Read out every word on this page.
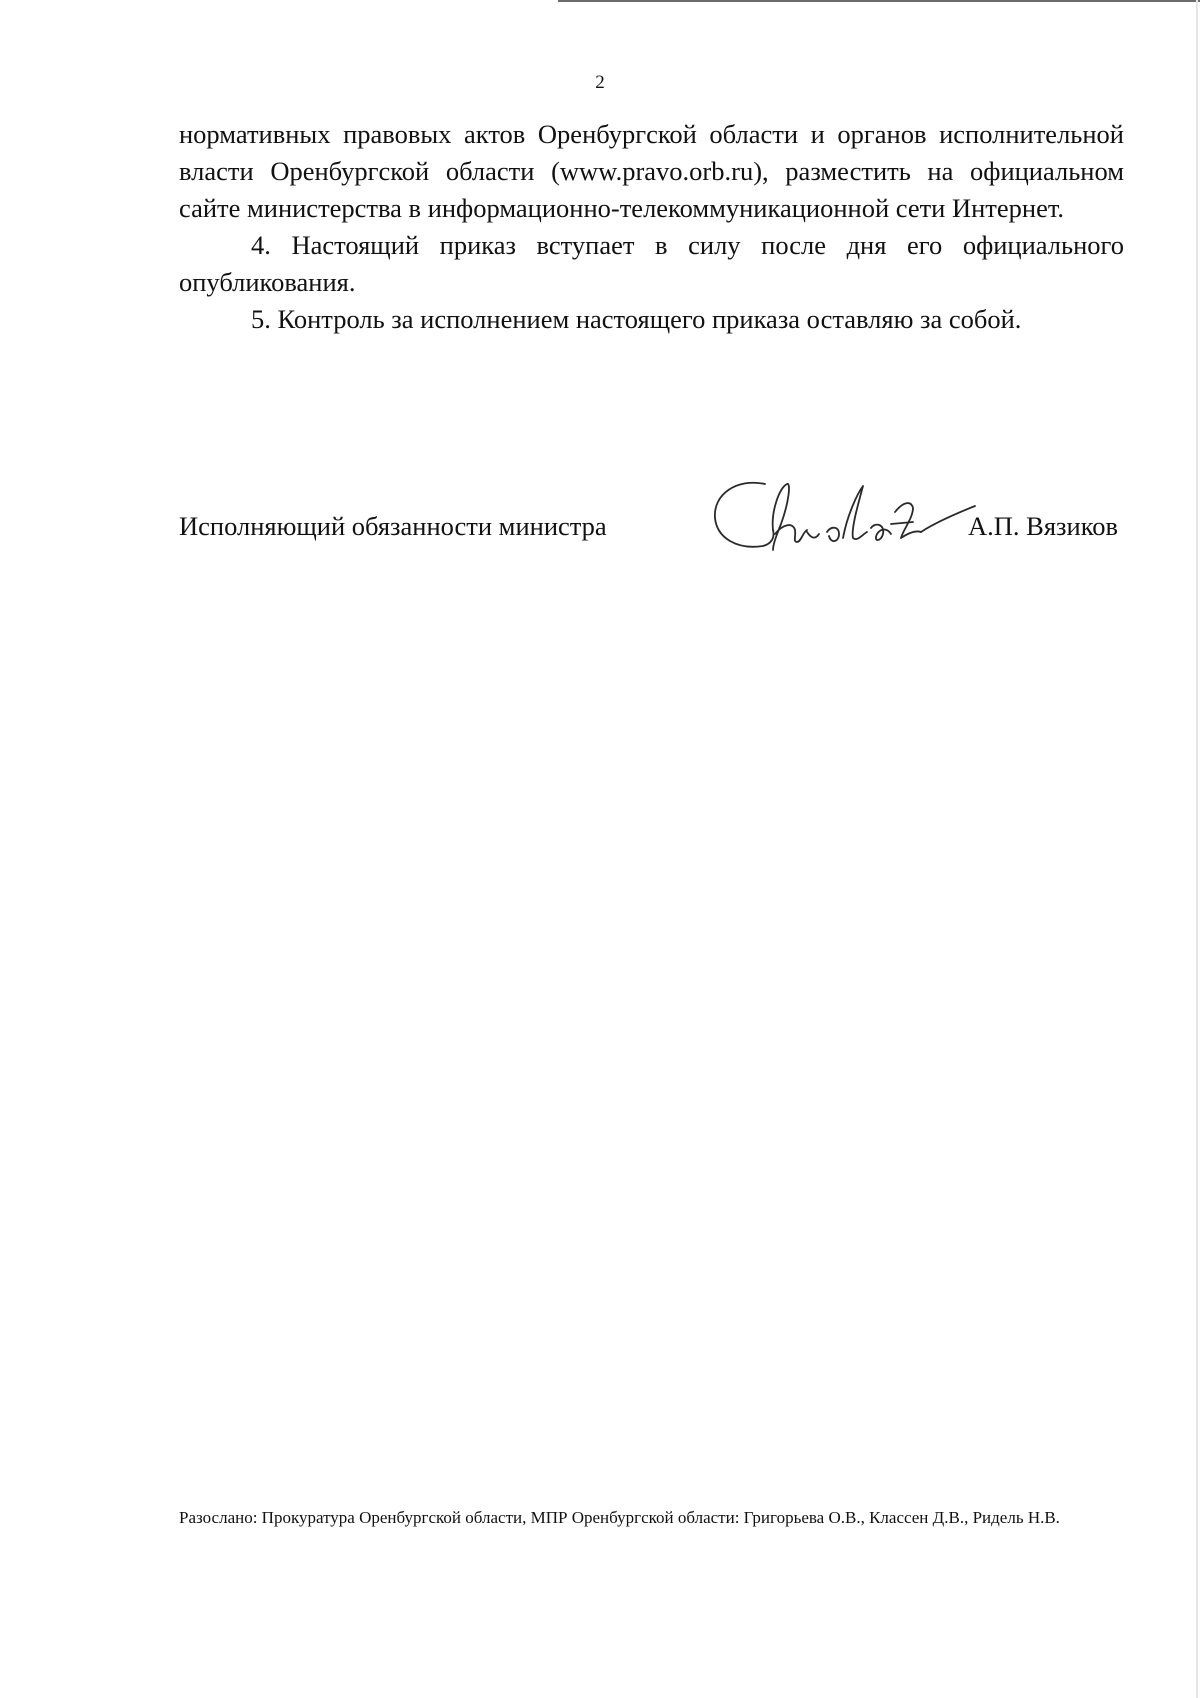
2

нормативных правовых актов Оренбургской области и органов исполнительной власти Оренбургской области (www.pravo.orb.ru), разместить на официальном сайте министерства в информационно-телекоммуникационной сети Интернет.

4. Настоящий приказ вступает в силу после дня его официального опубликования.

5. Контроль за исполнением настоящего приказа оставляю за собой.

Исполняющий обязанности министра	А.П. Вязиков
Разослано: Прокуратура Оренбургской области, МПР Оренбургской области: Григорьева О.В., Классен Д.В., Ридель Н.В.
